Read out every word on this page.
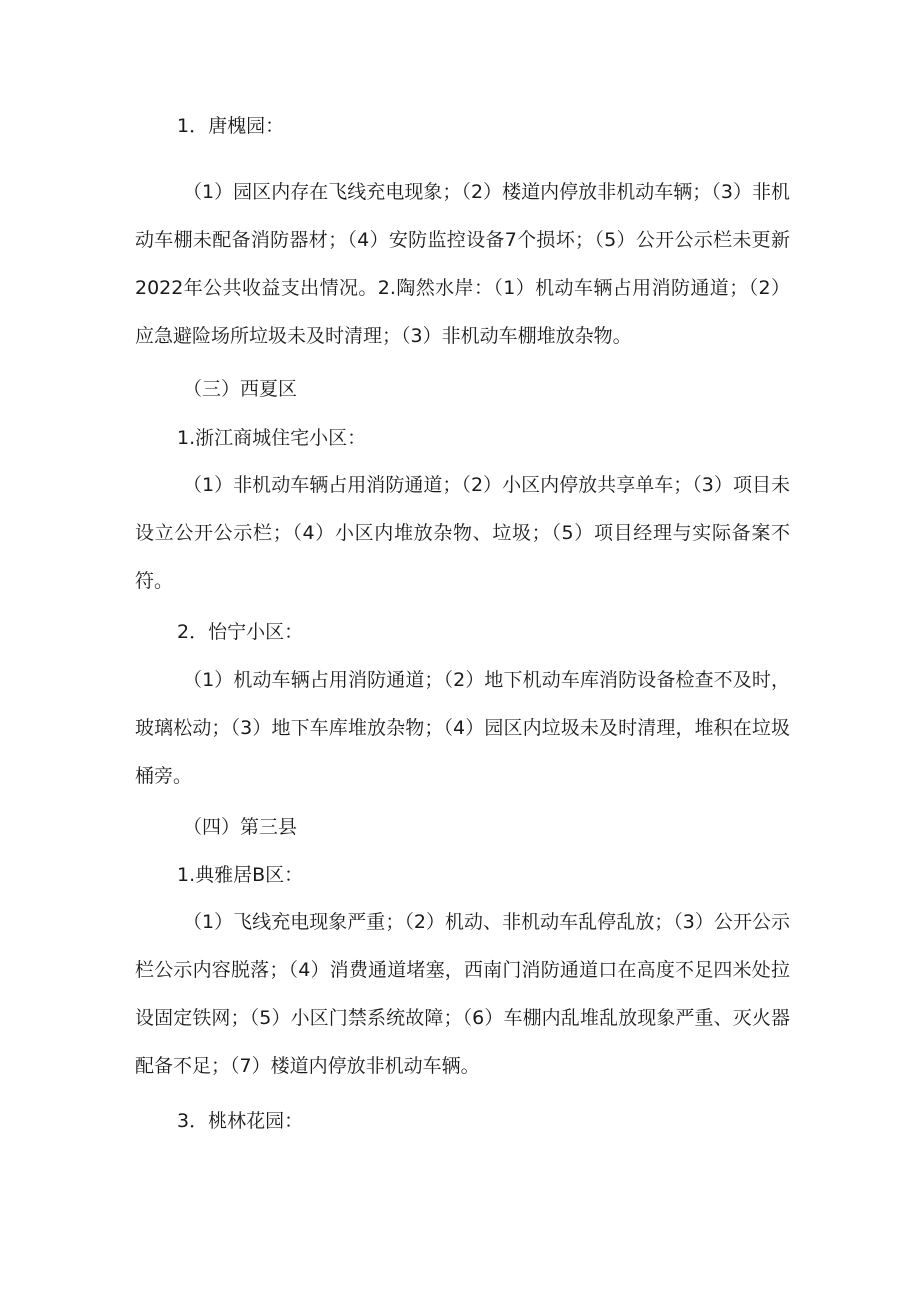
1．唐槐园：

（1）园区内存在飞线充电现象；（2）楼道内停放非机动车辆；（3）非机动车棚未配备消防器材；（4）安防监控设备7个损坏；（5）公开公示栏未更新2022年公共收益支出情况。2.陶然水岸：（1）机动车辆占用消防通道；（2）应急避险场所垃圾未及时清理；（3）非机动车棚堆放杂物。

（三）西夏区

1.浙江商城住宅小区：

（1）非机动车辆占用消防通道；（2）小区内停放共享单车；（3）项目未设立公开公示栏；（4）小区内堆放杂物、垃圾；（5）项目经理与实际备案不符。

2．怡宁小区：

（1）机动车辆占用消防通道；（2）地下机动车库消防设备检查不及时，玻璃松动；（3）地下车库堆放杂物；（4）园区内垃圾未及时清理，堆积在垃圾桶旁。

（四）第三县

1.典雅居B区：

（1）飞线充电现象严重；（2）机动、非机动车乱停乱放；（3）公开公示栏公示内容脱落；（4）消费通道堵塞，西南门消防通道口在高度不足四米处拉设固定铁网；（5）小区门禁系统故障；（6）车棚内乱堆乱放现象严重、灭火器配备不足；（7）楼道内停放非机动车辆。

3．桃林花园：
